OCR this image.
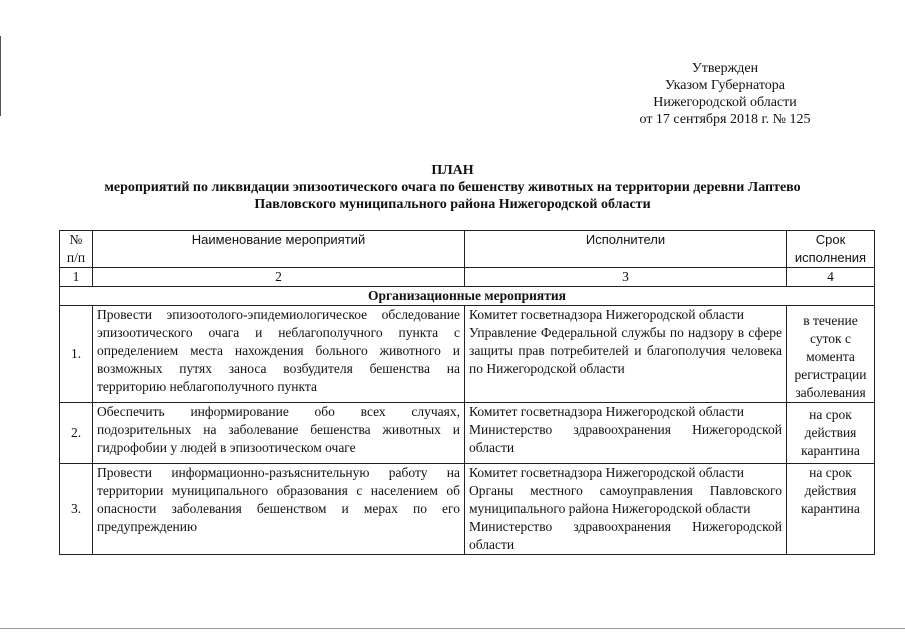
Утвержден
Указом Губернатора
Нижегородской области
от 17 сентября 2018 г. № 125
ПЛАН
мероприятий по ликвидации эпизоотического очага по бешенству животных на территории деревни Лаптево
Павловского муниципального района Нижегородской области
№ п/п	Наименование мероприятий	Исполнители	Срок исполнения
1	2	3	4
Организационные мероприятия			
1.	Провести эпизоотолого-эпидемиологическое обследование эпизоотического очага и неблагополучного пункта с определением места нахождения больного животного и возможных путях заноса возбудителя бешенства на территорию неблагополучного пункта	Комитет госветнадзора Нижегородской области
Управление Федеральной службы по надзору в сфере защиты прав потребителей и благополучия человека по Нижегородской области	в течение суток с момента регистрации заболевания
2.	Обеспечить информирование обо всех случаях, подозрительных на заболевание бешенства животных и гидрофобии у людей в эпизоотическом очаге	Комитет госветнадзора Нижегородской области
Министерство здравоохранения Нижегородской области	на срок действия карантина
3.	Провести информационно-разъяснительную работу на территории муниципального образования с населением об опасности заболевания бешенством и мерах по его предупреждению	Комитет госветнадзора Нижегородской области
Органы местного самоуправления Павловского муниципального района Нижегородской области
Министерство здравоохранения Нижегородской области	на срок действия карантина
